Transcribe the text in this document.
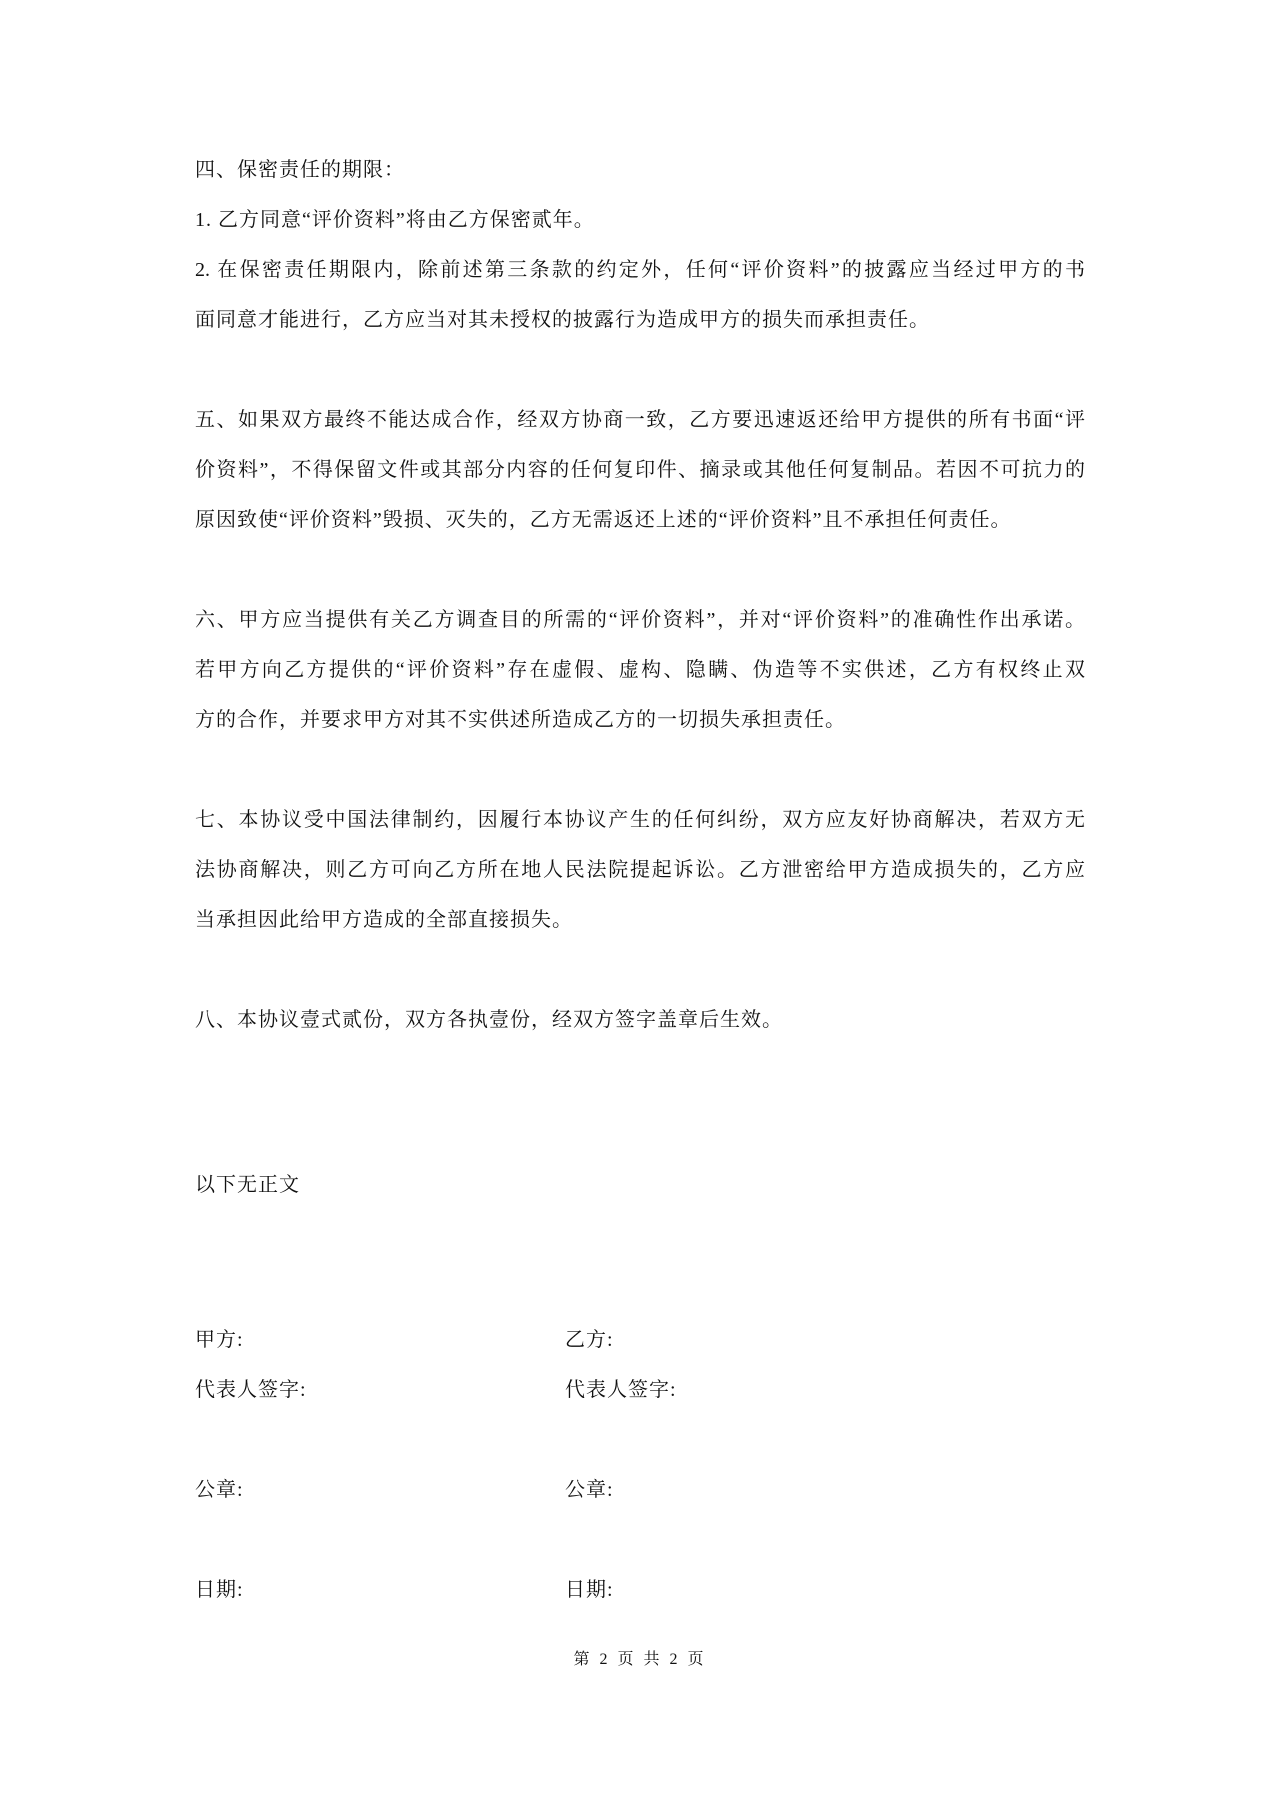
四、保密责任的期限：
1. 乙方同意“评价资料”将由乙方保密贰年。
2. 在保密责任期限内，除前述第三条款的约定外，任何“评价资料”的披露应当经过甲方的书
面同意才能进行，乙方应当对其未授权的披露行为造成甲方的损失而承担责任。
五、如果双方最终不能达成合作，经双方协商一致，乙方要迅速返还给甲方提供的所有书面“评
价资料”，不得保留文件或其部分内容的任何复印件、摘录或其他任何复制品。若因不可抗力的
原因致使“评价资料”毁损、灭失的，乙方无需返还上述的“评价资料”且不承担任何责任。
六、甲方应当提供有关乙方调查目的所需的“评价资料”，并对“评价资料”的准确性作出承诺。
若甲方向乙方提供的“评价资料”存在虚假、虚构、隐瞒、伪造等不实供述，乙方有权终止双
方的合作，并要求甲方对其不实供述所造成乙方的一切损失承担责任。
七、本协议受中国法律制约，因履行本协议产生的任何纠纷，双方应友好协商解决，若双方无
法协商解决，则乙方可向乙方所在地人民法院提起诉讼。乙方泄密给甲方造成损失的，乙方应
当承担因此给甲方造成的全部直接损失。
八、本协议壹式贰份，双方各执壹份，经双方签字盖章后生效。
以下无正文
甲方:	乙方:
代表人签字:	代表人签字:
公章:	公章:
日期:	日期:
第 2 页 共 2 页
